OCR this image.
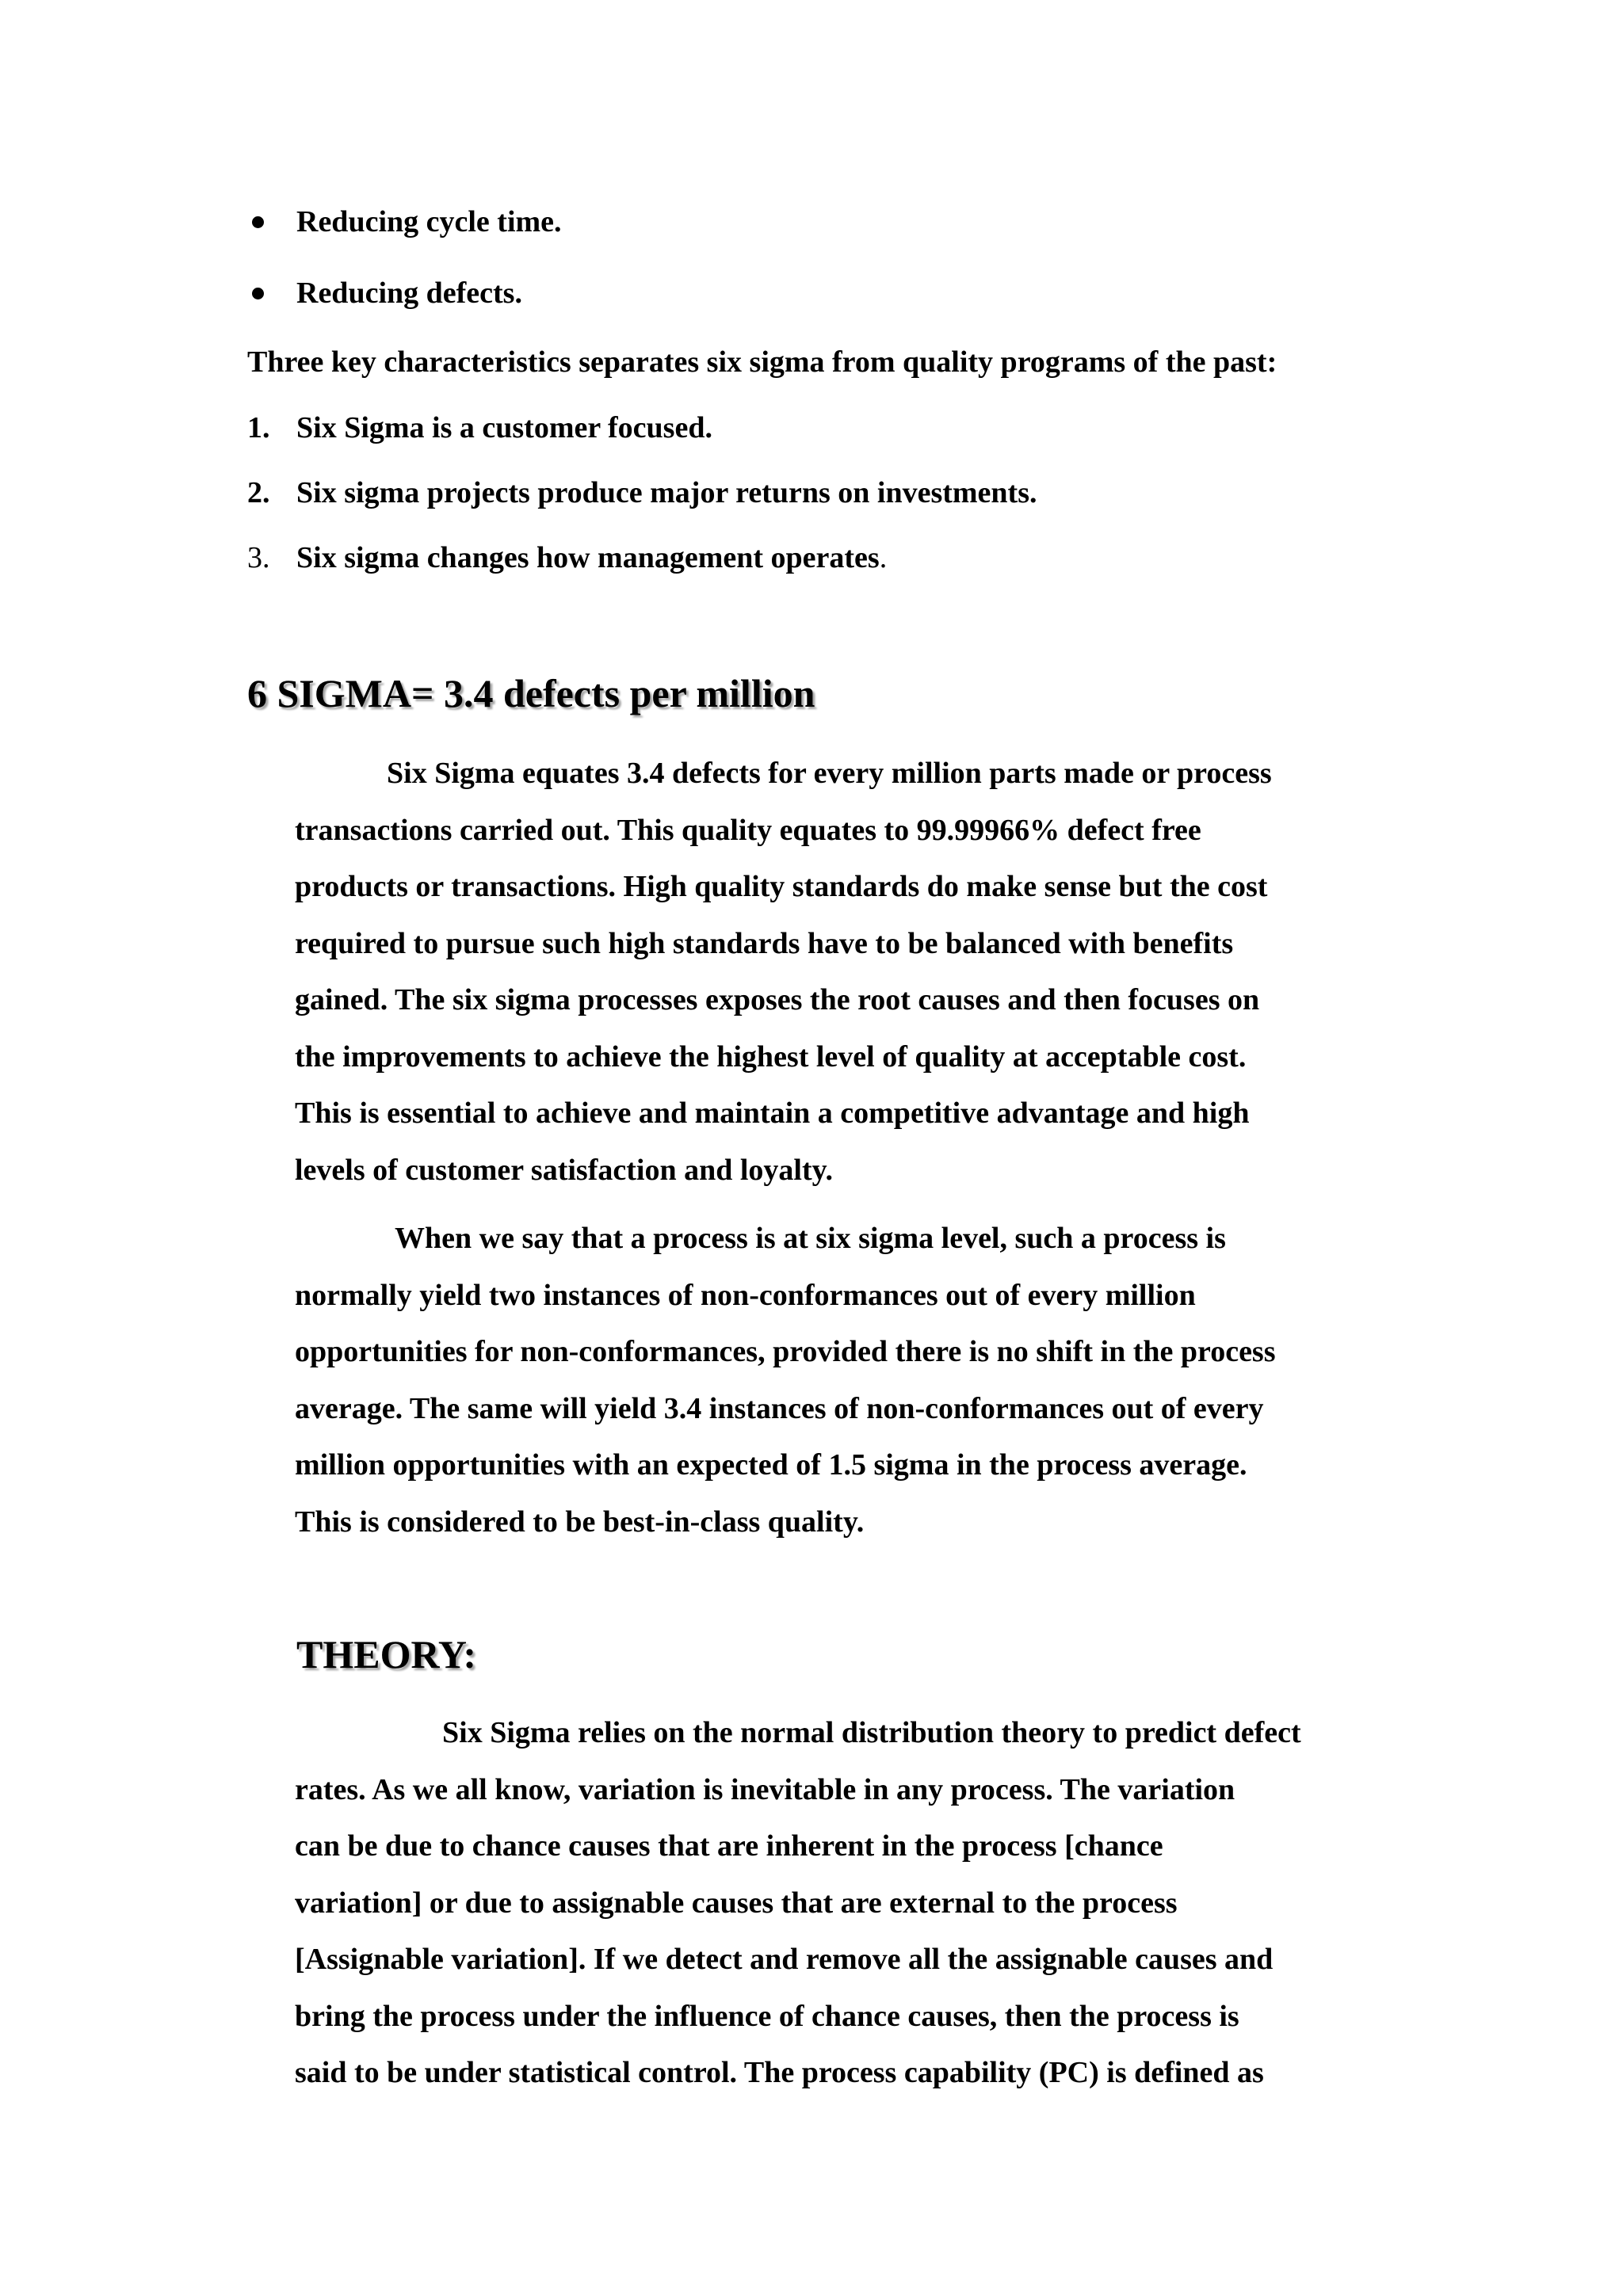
Reducing cycle time.
Reducing defects.
Three key characteristics separates six sigma from quality programs of the past:
1. Six Sigma is a customer focused.
2. Six sigma projects produce major returns on investments.
3. Six sigma changes how management operates.
6 SIGMA= 3.4 defects per million
Six Sigma equates 3.4 defects for every million parts made or process
transactions carried out. This quality equates to 99.99966% defect free
products or transactions. High quality standards do make sense but the cost
required to pursue such high standards have to be balanced with benefits
gained. The six sigma processes exposes the root causes and then focuses on
the improvements to achieve the highest level of quality at acceptable cost.
This is essential to achieve and maintain a competitive advantage and high
levels of customer satisfaction and loyalty.
When we say that a process is at six sigma level, such a process is
normally yield two instances of non-conformances out of every million
opportunities for non-conformances, provided there is no shift in the process
average. The same will yield 3.4 instances of non-conformances out of every
million opportunities with an expected of 1.5 sigma in the process average.
This is considered to be best-in-class quality.
THEORY:
Six Sigma relies on the normal distribution theory to predict defect
rates. As we all know, variation is inevitable in any process. The variation
can be due to chance causes that are inherent in the process [chance
variation] or due to assignable causes that are external to the process
[Assignable variation]. If we detect and remove all the assignable causes and
bring the process under the influence of chance causes, then the process is
said to be under statistical control. The process capability (PC) is defined as
